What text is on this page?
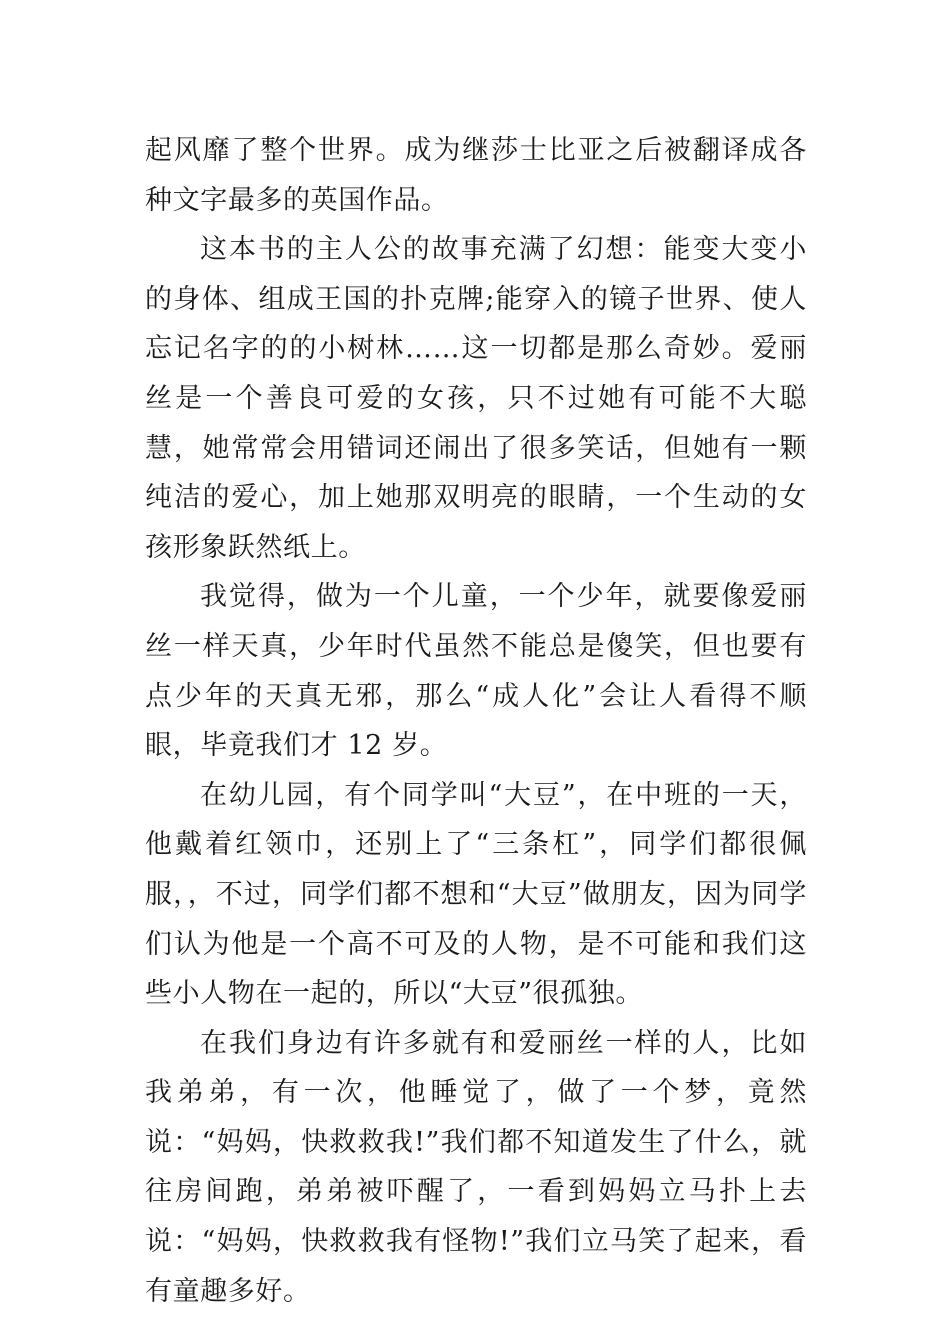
起风靡了整个世界。成为继莎士比亚之后被翻译成各种文字最多的英国作品。

这本书的主人公的故事充满了幻想：能变大变小的身体、组成王国的扑克牌;能穿入的镜子世界、使人忘记名字的的小树林……这一切都是那么奇妙。爱丽丝是一个善良可爱的女孩，只不过她有可能不大聪慧，她常常会用错词还闹出了很多笑话，但她有一颗纯洁的爱心，加上她那双明亮的眼睛，一个生动的女孩形象跃然纸上。

我觉得，做为一个儿童，一个少年，就要像爱丽丝一样天真，少年时代虽然不能总是傻笑，但也要有点少年的天真无邪，那么“成人化”会让人看得不顺眼，毕竟我们才 12 岁。

在幼儿园，有个同学叫“大豆”，在中班的一天，他戴着红领巾，还别上了“三条杠”，同学们都很佩服，，不过，同学们都不想和“大豆”做朋友，因为同学们认为他是一个高不可及的人物，是不可能和我们这些小人物在一起的，所以“大豆”很孤独。

在我们身边有许多就有和爱丽丝一样的人，比如我弟弟，有一次，他睡觉了，做了一个梦，竟然说：“妈妈，快救救我!”我们都不知道发生了什么，就往房间跑，弟弟被吓醒了，一看到妈妈立马扑上去说：“妈妈，快救救我有怪物!”我们立马笑了起来，看有童趣多好。
